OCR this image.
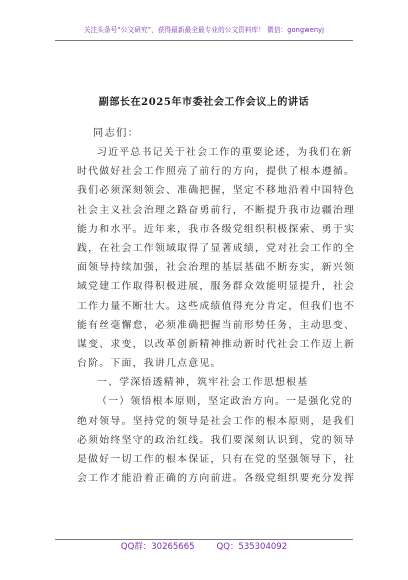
关注头条号“公文研究”，获得最新最全最专业的公文资料库！ 微信：gongwenyj
副部长在2025年市委社会工作会议上的讲话
同志们：
习近平总书记关于社会工作的重要论述，为我们在新
时代做好社会工作照亮了前行的方向，提供了根本遵循。
我们必须深刻领会、准确把握，坚定不移地沿着中国特色
社会主义社会治理之路奋勇前行，不断提升我市边疆治理
能力和水平。近年来，我市各级党组织积极探索、勇于实
践，在社会工作领域取得了显著成绩，党对社会工作的全
面领导持续加强，社会治理的基层基础不断夯实，新兴领
域党建工作取得积极进展，服务群众效能明显提升，社会
工作力量不断壮大。这些成绩值得充分肯定，但我们也不
能有丝毫懈怠，必须准确把握当前形势任务，主动思变、
谋变、求变，以改革创新精神推动新时代社会工作迈上新
台阶。下面，我讲几点意见。
一、学深悟透精神，筑牢社会工作思想根基
（一）领悟根本原则，坚定政治方向。一是强化党的
绝对领导。坚持党的领导是社会工作的根本原则，是我们
必须始终坚守的政治红线。我们要深刻认识到，党的领导
是做好一切工作的根本保证，只有在党的坚强领导下，社
会工作才能沿着正确的方向前进。各级党组织要充分发挥
QQ群：30265665	QQ：535304092
